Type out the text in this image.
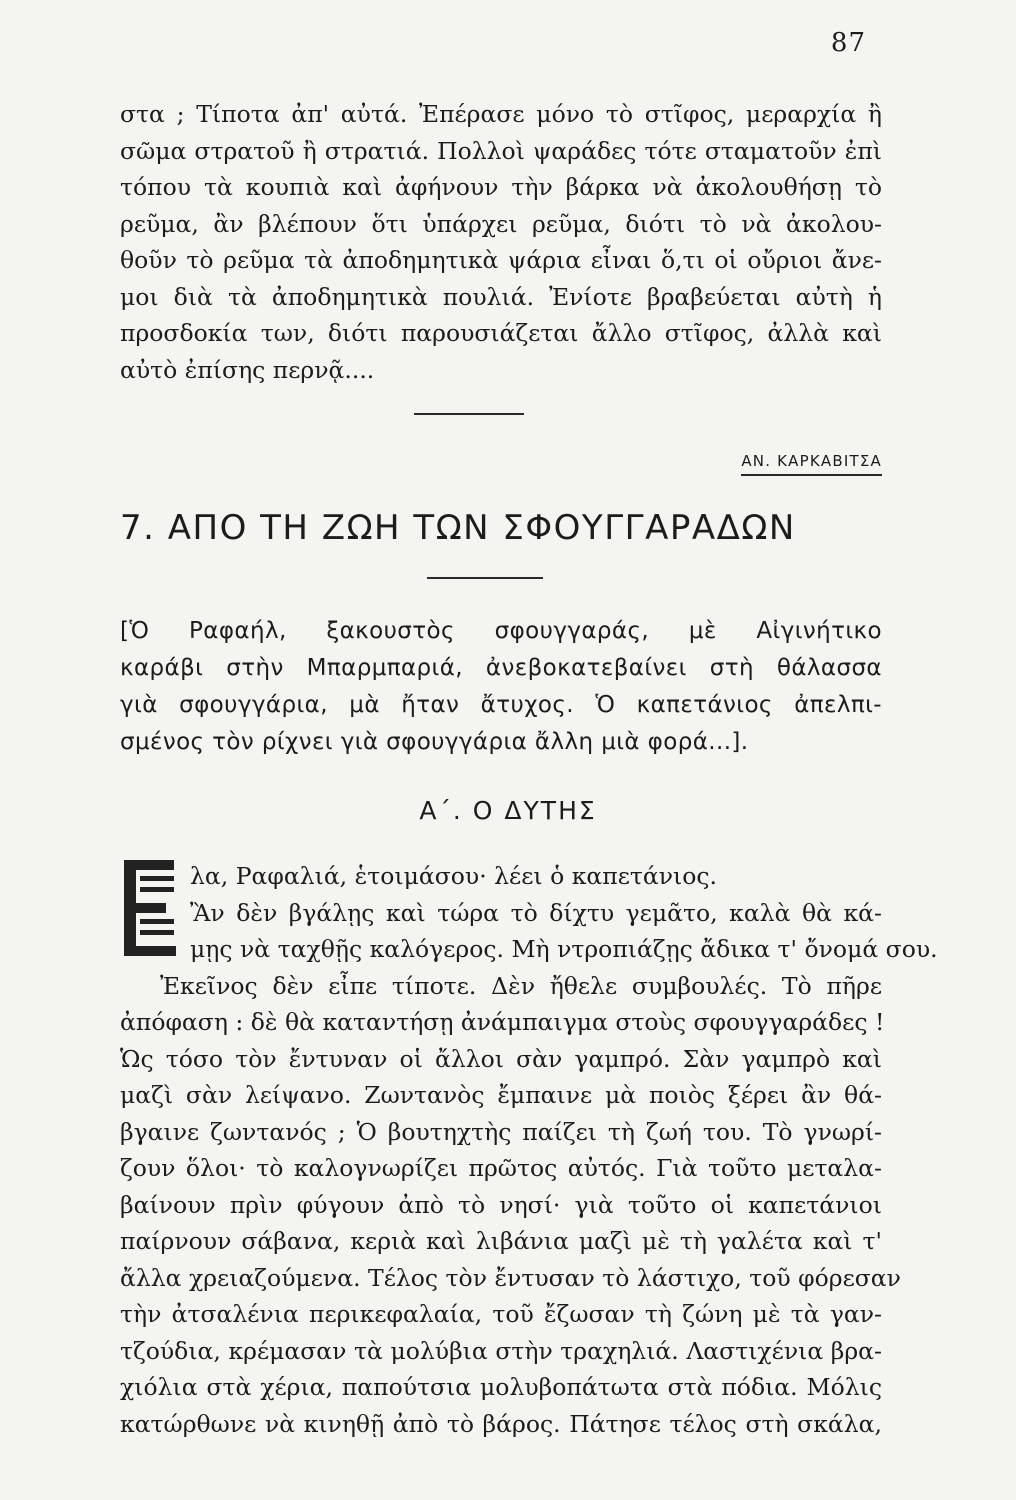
87
στα ; Τίποτα ἀπ' αὐτά. Ἐπέρασε μόνο τὸ στῖφος, μεραρχία ἢ
σῶμα στρατοῦ ἢ στρατιά. Πολλοὶ ψαράδες τότε σταματοῦν ἐπὶ
τόπου τὰ κουπιὰ καὶ ἀφήνουν τὴν βάρκα νὰ ἀκολουθήσῃ τὸ
ρεῦμα, ἂν βλέπουν ὅτι ὑπάρχει ρεῦμα, διότι τὸ νὰ ἀκολου-
θοῦν τὸ ρεῦμα τὰ ἀποδημητικὰ ψάρια εἶναι ὅ,τι οἱ οὔριοι ἄνε-
μοι διὰ τὰ ἀποδημητικὰ πουλιά. Ἐνίοτε βραβεύεται αὐτὴ ἡ
προσδοκία των, διότι παρουσιάζεται ἄλλο στῖφος, ἀλλὰ καὶ
αὐτὸ ἐπίσης περνᾷ....
ΑΝ. ΚΑΡΚΑΒΙΤΣΑ
7. ΑΠΟ ΤΗ ΖΩΗ ΤΩΝ ΣΦΟΥΓΓΑΡΑΔΩΝ
[Ὁ Ραφαήλ, ξακουστὸς σφουγγαράς, μὲ Αἰγινήτικο
καράβι στὴν Μπαρμπαριά, ἀνεβοκατεβαίνει στὴ θάλασσα
γιὰ σφουγγάρια, μὰ ἤταν ἄτυχος. Ὁ καπετάνιος ἀπελπι-
σμένος τὸν ρίχνει γιὰ σφουγγάρια ἄλλη μιὰ φορά...].
Α΄. Ο ΔΥΤΗΣ
λα, Ραφαλιά, ἑτοιμάσου· λέει ὁ καπετάνιος.
Ἂν δὲν βγάλῃς καὶ τώρα τὸ δίχτυ γεμᾶτο, καλὰ θὰ κά-
μῃς νὰ ταχθῇς καλόγερος. Μὴ ντροπιάζῃς ἄδικα τ' ὄνομά σου.
Ἐκεῖνος δὲν εἶπε τίποτε. Δὲν ἤθελε συμβουλές. Τὸ πῆρε
ἀπόφαση : δὲ θὰ καταντήσῃ ἀνάμπαιγμα στοὺς σφουγγαράδες !
Ὡς τόσο τὸν ἔντυναν οἱ ἄλλοι σὰν γαμπρό. Σὰν γαμπρὸ καὶ
μαζὶ σὰν λείψανο. Ζωντανὸς ἔμπαινε μὰ ποιὸς ξέρει ἂν θά-
βγαινε ζωντανός ; Ὁ βουτηχτὴς παίζει τὴ ζωή του. Τὸ γνωρί-
ζουν ὅλοι· τὸ καλογνωρίζει πρῶτος αὐτός. Γιὰ τοῦτο μεταλα-
βαίνουν πρὶν φύγουν ἀπὸ τὸ νησί· γιὰ τοῦτο οἱ καπετάνιοι
παίρνουν σάβανα, κεριὰ καὶ λιβάνια μαζὶ μὲ τὴ γαλέτα καὶ τ'
ἄλλα χρειαζούμενα. Τέλος τὸν ἔντυσαν τὸ λάστιχο, τοῦ φόρεσαν
τὴν ἀτσαλένια περικεφαλαία, τοῦ ἔζωσαν τὴ ζώνη μὲ τὰ γαν-
τζούδια, κρέμασαν τὰ μολύβια στὴν τραχηλιά. Λαστιχένια βρα-
χιόλια στὰ χέρια, παπούτσια μολυβοπάτωτα στὰ πόδια. Μόλις
κατώρθωνε νὰ κινηθῇ ἀπὸ τὸ βάρος. Πάτησε τέλος στὴ σκάλα,
